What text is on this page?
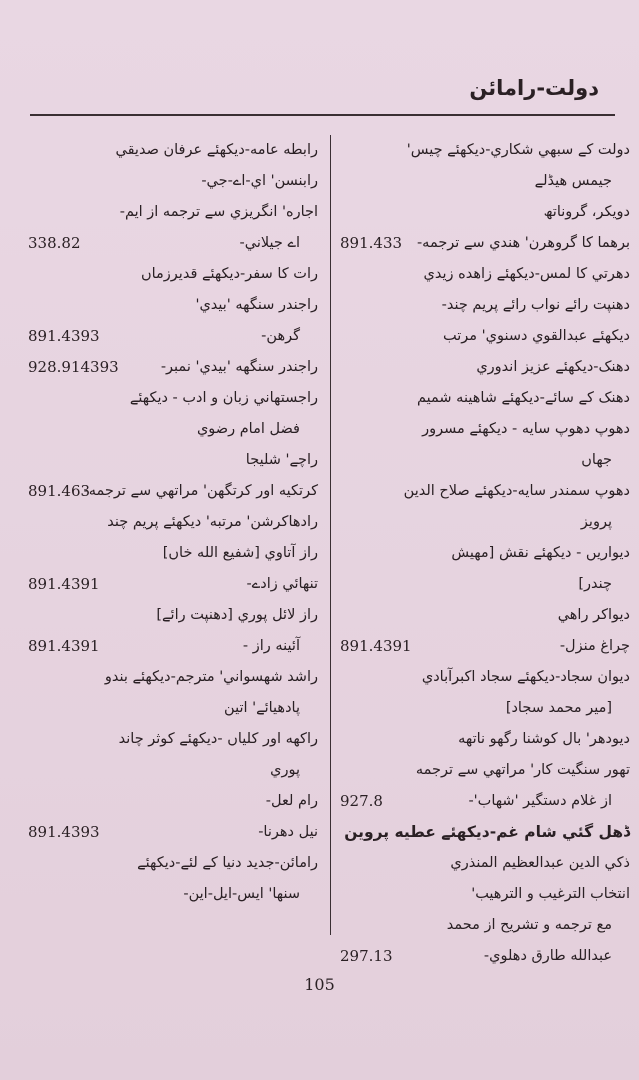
دولت-رامائن
دولت کے سبھي شکاري-ديکھئے چيس'
جيمس هيڈلے
دويکر، گروناتھ
برهما کا گروهرن' هندي سے ترجمه-
891.433
دهرتي کا لمس-ديکھئے زاهده زيدي
دهنپت رائے نواب رائے پريم چند-
ديکھئے عبدالقوي دسنوي' مرتب
دهنک-ديکھئے عزيز اندوري
دهنک کے سائے-ديکھئے شاهينه شميم
دهوپ دهوپ سايه - ديکھئے مسرور
جهاں
دهوپ سمندر سايه-ديکھئے صلاح الدين
پرويز
ديواريں - ديکھئے نقش [مهيش
چندر]
ديواکر راهي
چراغ منزل-
891.4391
ديوان سجاد-ديکھئے سجاد اکبرآبادي
[مير محمد سجاد]
ديودهر' بال کوشنا رگهو ناتهه
تهور سنگيت کار' مراتهي سے ترجمه
از غلام دستگير 'شهاب'-
927.8
ڈهل گئي شام غم-ديکھئے عطيه پروين
ذکي الدين عبدالعظيم المنذري
انتخاب الترغيب و الترهيب'
مع ترجمه و تشريح از محمد
عبدالله طارق دهلوي-
297.13
رابطه عامه-ديکھئے عرفان صديقي
رابنسن' اي-اے-جي-
اجاره' انگريزي سے ترجمه از ايم-
اے جيلاني-
338.82
رات کا سفر-ديکھئے قديرزماں
راجندر سنگهه 'بيدي'
گرهن-
891.4393
راجندر سنگهه 'بيدي' نمبر-
928.914393
راجستهاني زبان و ادب - ديکھئے
فضل امام رضوي
راچے' شليجا
کرتکيه اور کرتگهن' مراتهي سے ترجمه-
891.463
رادهاکرشن' مرتبه' ديکھئے پريم چند
راز آتاوي [شفيع الله خاں]
تنهائي زادے-
891.4391
راز لائل پوري [دهنپت رائے]
آئينه راز -
891.4391
راشد شهسواني' مترجم-ديکھئے بندو
پادهيائے' اتين
راکهه اور کلياں -ديکھئے کوثر چاند
پوري
رام لعل-
نيل دهرنا-
891.4393
رامائن-جديد دنيا کے لئے-ديکھئے
سنها' ايس-ايل-اين-
105
